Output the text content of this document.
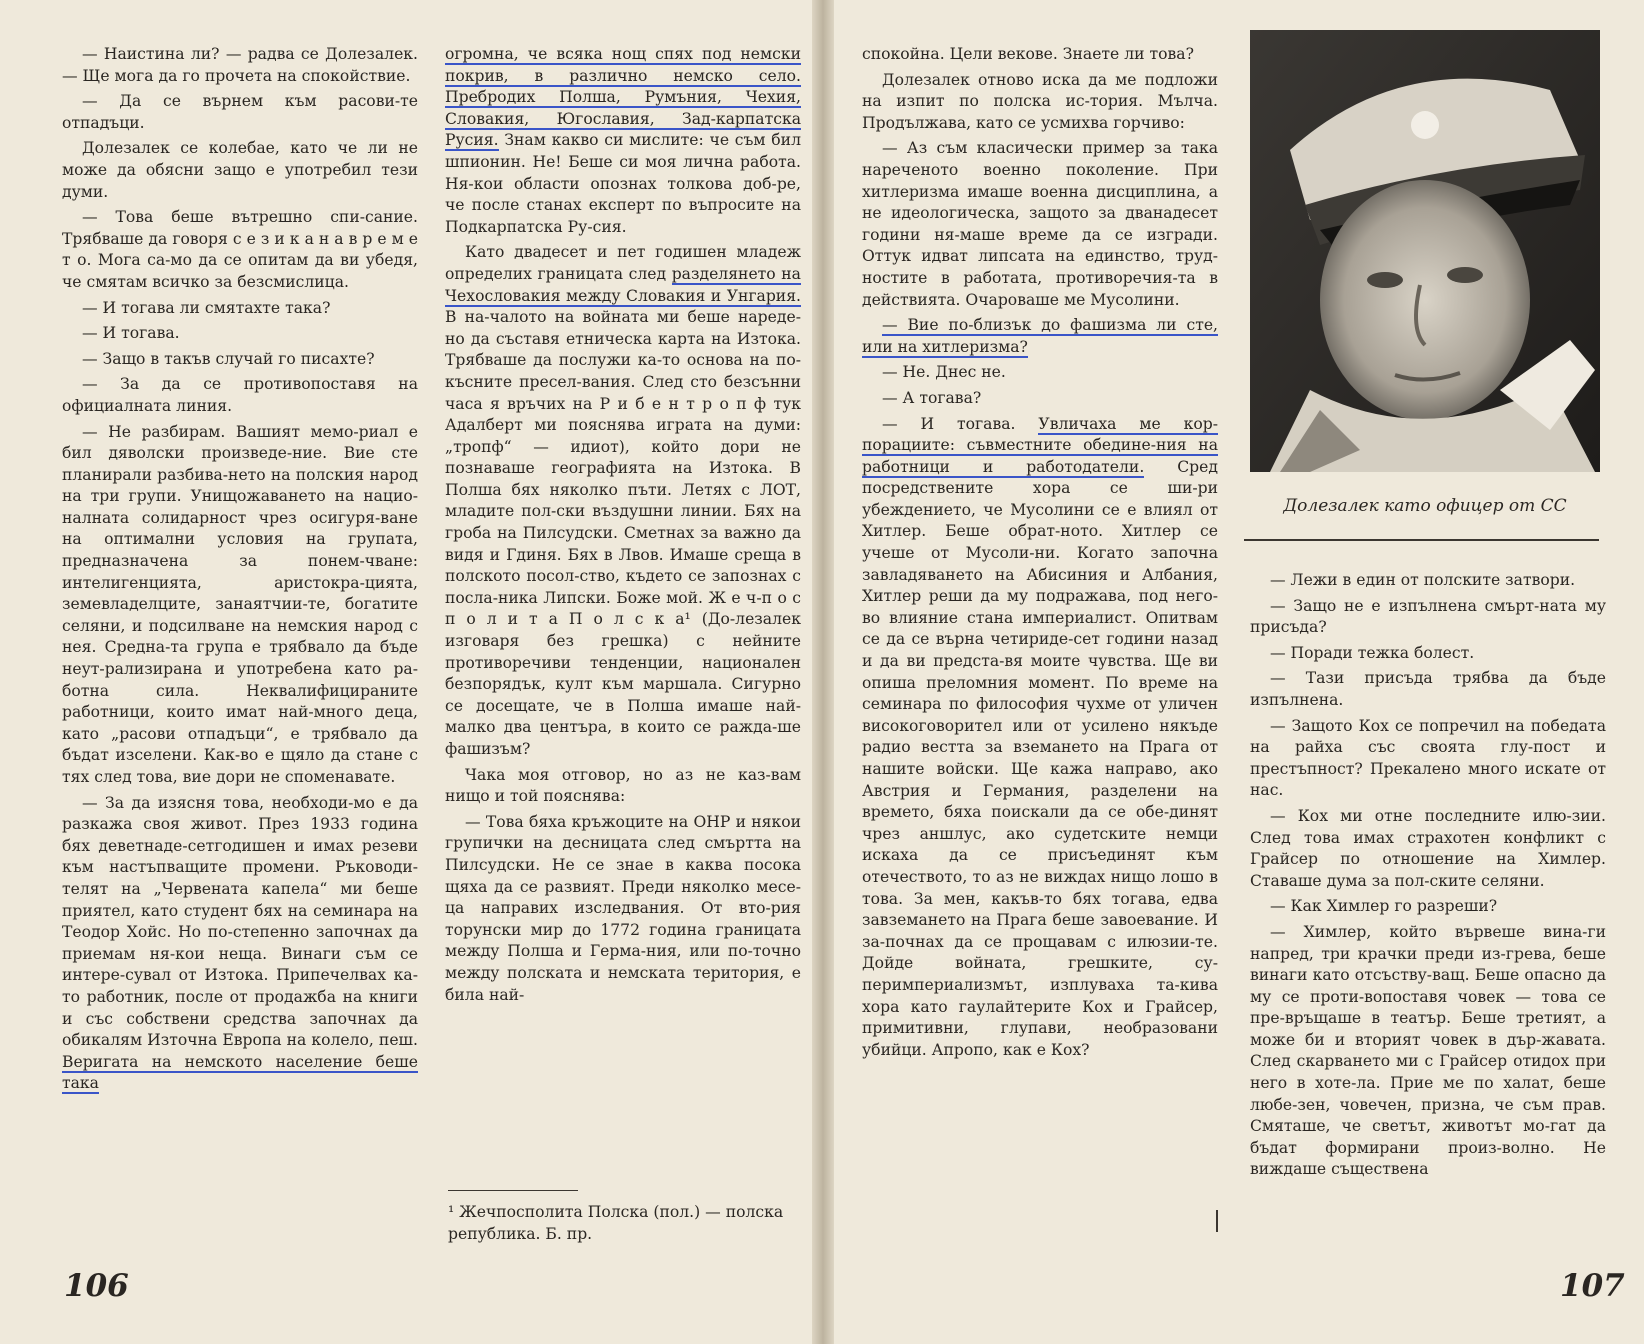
— Наистина ли? — радва се Долезалек. — Ще мога да го прочета на спокойствие.

— Да се върнем към расови-те отпадъци.

Долезалек се колебае, като че ли не може да обясни защо е употребил тези думи.

— Това беше вътрешно спи-сание. Трябваше да говоря с е з и к а н а в р е м е т о. Мога са-мо да се опитам да ви убедя, че смятам всичко за безсмислица.

— И тогава ли смятахте така?

— И тогава.

— Защо в такъв случай го писахте?

— За да се противопоставя на официалната линия.

— Не разбирам. Вашият мемо-риал е бил дяволски произведе-ние. Вие сте планирали разбива-нето на полския народ на три групи. Унищожаването на нацио-налната солидарност чрез осигуря-ване на оптимални условия на групата, предназначена за понем-чване: интелигенцията, аристокра-цията, земевладелците, занаятчии-те, богатите селяни, и подсилване на немския народ с нея. Средна-та група е трябвало да бъде неут-рализирана и употребена като ра-ботна сила. Неквалифицираните работници, които имат най-много деца, като „расови отпадъци“, е трябвало да бъдат изселени. Как-во е щяло да стане с тях след това, вие дори не споменавате.

— За да изясня това, необходи-мо е да разкажа своя живот. През 1933 година бях деветнаде-сетгодишен и имах резеви към настъпващите промени. Ръководи-телят на „Червената капела“ ми беше приятел, като студент бях на семинара на Теодор Хойс. Но по-степенно започнах да приемам ня-кои неща. Винаги съм се интере-сувал от Изтока. Припечелвах ка-то работник, после от продажба на книги и със собствени средства започнах да обикалям Източна Европа на колело, пеш. Веригата на немското население беше така

огромна, че всяка нощ спях под немски покрив, в различно немско село. Пребродих Полша, Румъния, Чехия, Словакия, Югославия, Зад-карпатска Русия. Знам какво си мислите: че съм бил шпионин. Не! Беше си моя лична работа. Ня-кои области опознах толкова доб-ре, че после станах експерт по въпросите на Подкарпатска Ру-сия.

Като двадесет и пет годишен младеж определих границата след разделянето на Чехословакия между Словакия и Унгария. В на-чалото на войната ми беше нареде-но да съставя етническа карта на Изтока. Трябваше да послужи ка-то основа на по-късните пресел-вания. След сто безсънни часа я връчих на Р и б е н т р о п ф тук Адалберт ми пояснява играта на думи: „тропф“ — идиот), който дори не познаваше географията на Изтока. В Полша бях няколко пъти. Летях с ЛОТ, младите пол-ски въздушни линии. Бях на гроба на Пилсудски. Сметнах за важно да видя и Гдиня. Бях в Лвов. Имаше среща в полското посол-ство, където се запознах с посла-ника Липски. Боже мой. Ж е ч-п о с п о л и т а П о л с к а¹ (До-лезалек изговаря без грешка) с нейните противоречиви тенденции, национален безпорядък, култ към маршала. Сигурно се досещате, че в Полша имаше най-малко два центъра, в които се ражда-ше фашизъм?

Чака моя отговор, но аз не каз-вам нищо и той пояснява:

— Това бяха кръжоците на ОНР и някои групички на десницата след смъртта на Пилсудски. Не се знае в каква посока щяха да се развият. Преди няколко месе-ца направих изследвания. От вто-рия торунски мир до 1772 година границата между Полша и Герма-ния, или по-точно между полската и немската територия, е била най-

¹ Жечпосполита Полска (пол.) — полска република. Б. пр.

спокойна. Цели векове. Знаете ли това?

Долезалек отново иска да ме подложи на изпит по полска ис-тория. Мълча. Продължава, като се усмихва горчиво:

— Аз съм класически пример за така нареченото военно поколение. При хитлеризма имаше военна дисциплина, а не идеологическа, защото за дванадесет години ня-маше време да се изгради. Оттук идват липсата на единство, труд-ностите в работата, противоречия-та в действията. Очароваше ме Мусолини.

— Вие по-близък до фашизма ли сте, или на хитлеризма?

— Не. Днес не.

— А тогава?

— И тогава. Увличаха ме кор-порациите: съвместните обедине-ния на работници и работодатели. Сред посредствените хора се ши-ри убеждението, че Мусолини се е влиял от Хитлер. Беше обрат-ното. Хитлер се учеше от Мусоли-ни. Когато започна завладяването на Абисиния и Албания, Хитлер реши да му подражава, под него-во влияние стана империалист. Опитвам се да се върна четириде-сет години назад и да ви предста-вя моите чувства. Ще ви опиша преломния момент. По време на семинара по философия чухме от уличен високоговорител или от усилено някъде радио вестта за вземането на Прага от нашите войски. Ще кажа направо, ако Австрия и Германия, разделени на времето, бяха поискали да се обе-динят чрез аншлус, ако судетските немци искаха да се присъединят към отечеството, то аз не виждах нищо лошо в това. За мен, какъв-то бях тогава, едва завземането на Прага беше завоевание. И за-почнах да се прощавам с илюзии-те. Дойде войната, грешките, су-перимпериализмът, изплуваха та-кива хора като гаулайтерите Кох и Грайсер, примитивни, глупави, необразовани убийци. Апропо, как е Кох?

Долезалек като офицер от СС

— Лежи в един от полските затвори.

— Защо не е изпълнена смърт-ната му присъда?

— Поради тежка болест.

— Тази присъда трябва да бъде изпълнена.

— Защото Кох се попречил на победата на райха със своята глу-пост и престъпност? Прекалено много искате от нас.

— Кох ми отне последните илю-зии. След това имах страхотен конфликт с Грайсер по отношение на Химлер. Ставаше дума за пол-ските селяни.

— Как Химлер го разреши?

— Химлер, който вървеше вина-ги напред, три крачки преди из-грева, беше винаги като отсъству-ващ. Беше опасно да му се проти-вопоставя човек — това се пре-връщаше в театър. Беше третият, а може би и вторият човек в дър-жавата. След скарването ми с Грайсер отидох при него в хоте-ла. Прие ме по халат, беше любе-зен, човечен, призна, че съм прав. Смяташе, че светът, животът мо-гат да бъдат формирани произ-волно. Не виждаше съществена

106	107
